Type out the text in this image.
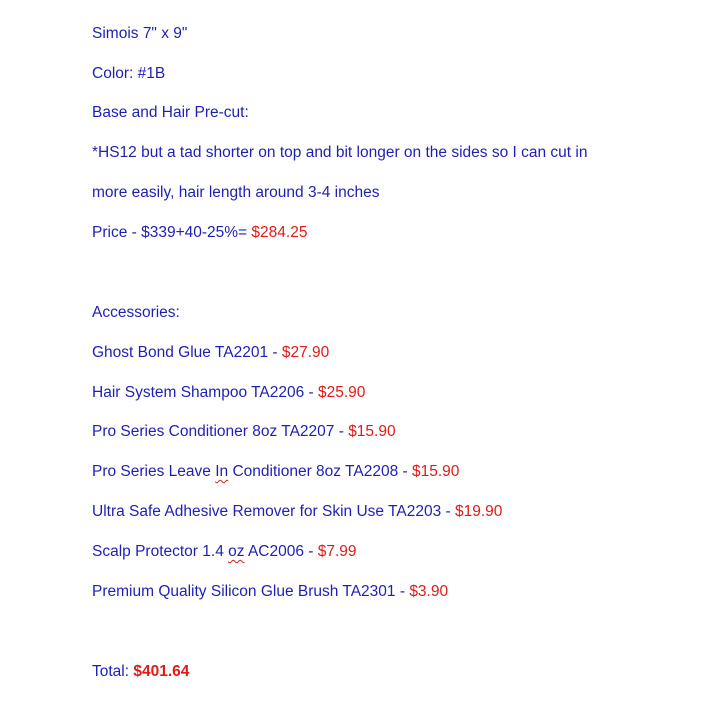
Simois 7" x 9"
Color: #1B
Base and Hair Pre-cut:
*HS12 but a tad shorter on top and bit longer on the sides so I can cut in
more easily, hair length around 3-4 inches
Price - $339+40-25%= $284.25
Accessories:
Ghost Bond Glue TA2201 - $27.90
Hair System Shampoo TA2206 - $25.90
Pro Series Conditioner 8oz TA2207 - $15.90
Pro Series Leave In Conditioner 8oz TA2208 - $15.90
Ultra Safe Adhesive Remover for Skin Use TA2203 - $19.90
Scalp Protector 1.4 oz AC2006 - $7.99
Premium Quality Silicon Glue Brush TA2301 - $3.90
Total: $401.64
